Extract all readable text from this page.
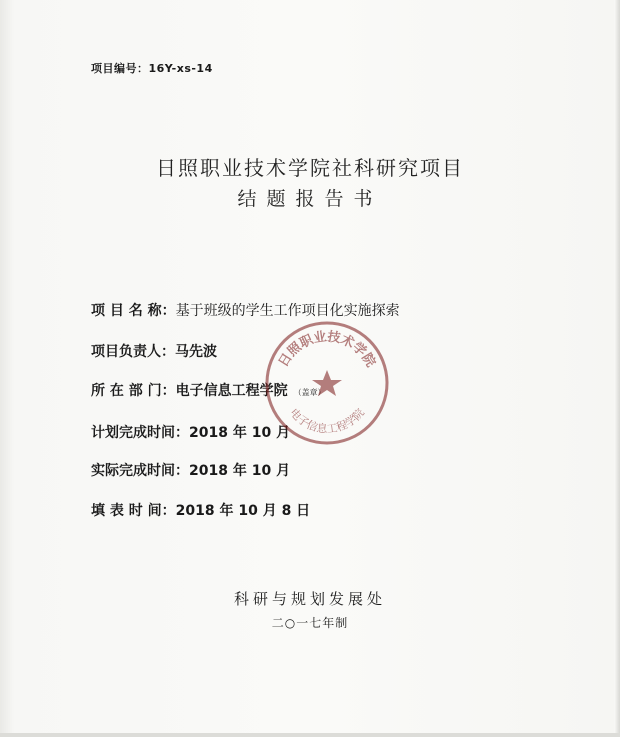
项目编号：16Y-xs-14
日照职业技术学院社科研究项目
结题报告书
项 目 名 称：基于班级的学生工作项目化实施探索
项目负责人：马先波
所 在 部 门：电子信息工程学院 （盖章）
计划完成时间：2018 年 10 月
实际完成时间：2018 年 10 月
填 表 时 间：2018 年 10 月 8 日
日照职业技术学院
电子信息工程学院
科研与规划发展处
二○一七年制
